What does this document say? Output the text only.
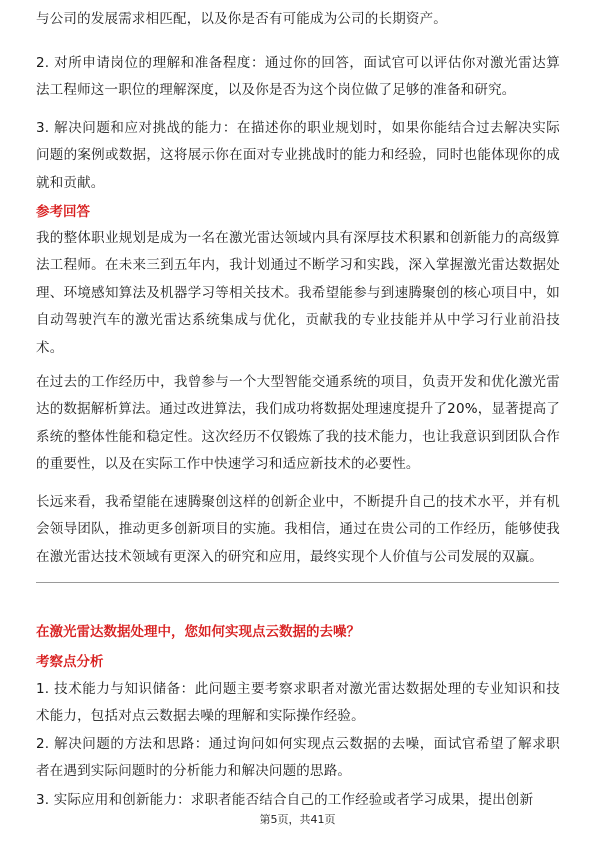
与公司的发展需求相匹配，以及你是否有可能成为公司的长期资产。

2. 对所申请岗位的理解和准备程度：通过你的回答，面试官可以评估你对激光雷达算法工程师这一职位的理解深度，以及你是否为这个岗位做了足够的准备和研究。

3. 解决问题和应对挑战的能力：在描述你的职业规划时，如果你能结合过去解决实际问题的案例或数据，这将展示你在面对专业挑战时的能力和经验，同时也能体现你的成就和贡献。

参考回答

我的整体职业规划是成为一名在激光雷达领域内具有深厚技术积累和创新能力的高级算法工程师。在未来三到五年内，我计划通过不断学习和实践，深入掌握激光雷达数据处理、环境感知算法及机器学习等相关技术。我希望能参与到速腾聚创的核心项目中，如自动驾驶汽车的激光雷达系统集成与优化，贡献我的专业技能并从中学习行业前沿技术。

在过去的工作经历中，我曾参与一个大型智能交通系统的项目，负责开发和优化激光雷达的数据解析算法。通过改进算法，我们成功将数据处理速度提升了20%，显著提高了系统的整体性能和稳定性。这次经历不仅锻炼了我的技术能力，也让我意识到团队合作的重要性，以及在实际工作中快速学习和适应新技术的必要性。

长远来看，我希望能在速腾聚创这样的创新企业中，不断提升自己的技术水平，并有机会领导团队，推动更多创新项目的实施。我相信，通过在贵公司的工作经历，能够使我在激光雷达技术领域有更深入的研究和应用，最终实现个人价值与公司发展的双赢。

在激光雷达数据处理中，您如何实现点云数据的去噪？
考察点分析

1. 技术能力与知识储备：此问题主要考察求职者对激光雷达数据处理的专业知识和技术能力，包括对点云数据去噪的理解和实际操作经验。

2. 解决问题的方法和思路：通过询问如何实现点云数据的去噪，面试官希望了解求职者在遇到实际问题时的分析能力和解决问题的思路。

3. 实际应用和创新能力：求职者能否结合自己的工作经验或者学习成果，提出创新

第5页，共41页
